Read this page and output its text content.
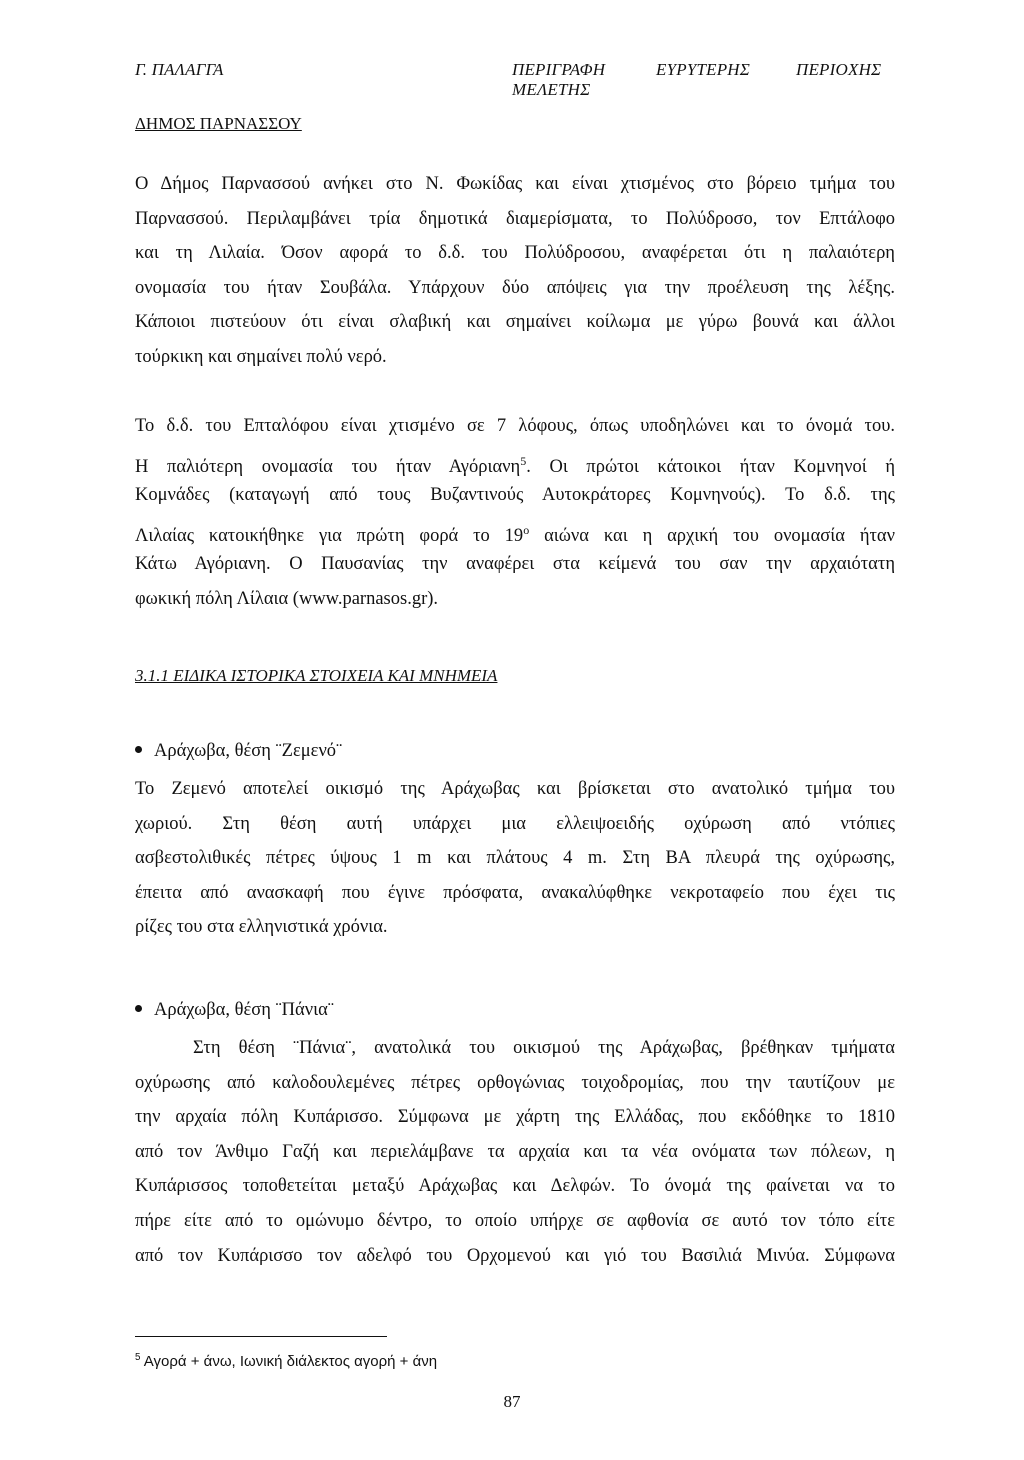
Γ. ΠΑΛΑΓΓΑ	ΠΕΡΙΓΡΑΦΗ	ΕΥΡΥΤΕΡΗΣ	ΠΕΡΙΟΧΗΣ
ΜΕΛΕΤΗΣ
ΔΗΜΟΣ ΠΑΡΝΑΣΣΟΥ
Ο Δήμος Παρνασσού ανήκει στο Ν. Φωκίδας και είναι χτισμένος στο βόρειο τμήμα του
Παρνασσού. Περιλαμβάνει τρία δημοτικά διαμερίσματα, το Πολύδροσο, τον Επτάλοφο
και τη Λιλαία. Όσον αφορά το δ.δ. του Πολύδροσου, αναφέρεται ότι η παλαιότερη
ονομασία του ήταν Σουβάλα. Υπάρχουν δύο απόψεις για την προέλευση της λέξης.
Κάποιοι πιστεύουν ότι είναι σλαβική και σημαίνει κοίλωμα με γύρω βουνά και άλλοι
τούρκικη και σημαίνει πολύ νερό.
Το δ.δ. του Επταλόφου είναι χτισμένο σε 7 λόφους, όπως υποδηλώνει και το όνομά του.
Η παλιότερη ονομασία του ήταν Αγόριανη$^5$. Οι πρώτοι κάτοικοι ήταν Κομνηνοί ή
Κομνάδες (καταγωγή από τους Βυζαντινούς Αυτοκράτορες Κομνηνούς). Το δ.δ. της
Λιλαίας κατοικήθηκε για πρώτη φορά το $19^o$ αιώνα και η αρχική του ονομασία ήταν
Κάτω Αγόριανη. Ο Παυσανίας την αναφέρει στα κείμενά του σαν την αρχαιότατη
φωκική πόλη Λίλαια (www.parnasos.gr).
3.1.1 ΕΙΔΙΚΑ ΙΣΤΟΡΙΚΑ ΣΤΟΙΧΕΙΑ ΚΑΙ ΜΝΗΜΕΙΑ
Αράχωβα, θέση ¨Ζεμενό¨
Το Ζεμενό αποτελεί οικισμό της Αράχωβας και βρίσκεται στο ανατολικό τμήμα του
χωριού. Στη θέση αυτή υπάρχει μια ελλειψοειδής οχύρωση από ντόπιες
ασβεστολιθικές πέτρες ύψους 1 m και πλάτους 4 m. Στη ΒΑ πλευρά της οχύρωσης,
έπειτα από ανασκαφή που έγινε πρόσφατα, ανακαλύφθηκε νεκροταφείο που έχει τις
ρίζες του στα ελληνιστικά χρόνια.
Αράχωβα, θέση ¨Πάνια¨
Στη θέση ¨Πάνια¨, ανατολικά του οικισμού της Αράχωβας, βρέθηκαν τμήματα
οχύρωσης από καλοδουλεμένες πέτρες ορθογώνιας τοιχοδρομίας, που την ταυτίζουν με
την αρχαία πόλη Κυπάρισσο. Σύμφωνα με χάρτη της Ελλάδας, που εκδόθηκε το 1810
από τον Άνθιμο Γαζή και περιελάμβανε τα αρχαία και τα νέα ονόματα των πόλεων, η
Κυπάρισσος τοποθετείται μεταξύ Αράχωβας και Δελφών. Το όνομά της φαίνεται να το
πήρε είτε από το ομώνυμο δέντρο, το οποίο υπήρχε σε αφθονία σε αυτό τον τόπο είτε
από τον Κυπάρισσο τον αδελφό του Ορχομενού και γιό του Βασιλιά Μινύα. Σύμφωνα
$^5$ Αγορά + άνω, Ιωνική διάλεκτος αγορή + άνη
87
